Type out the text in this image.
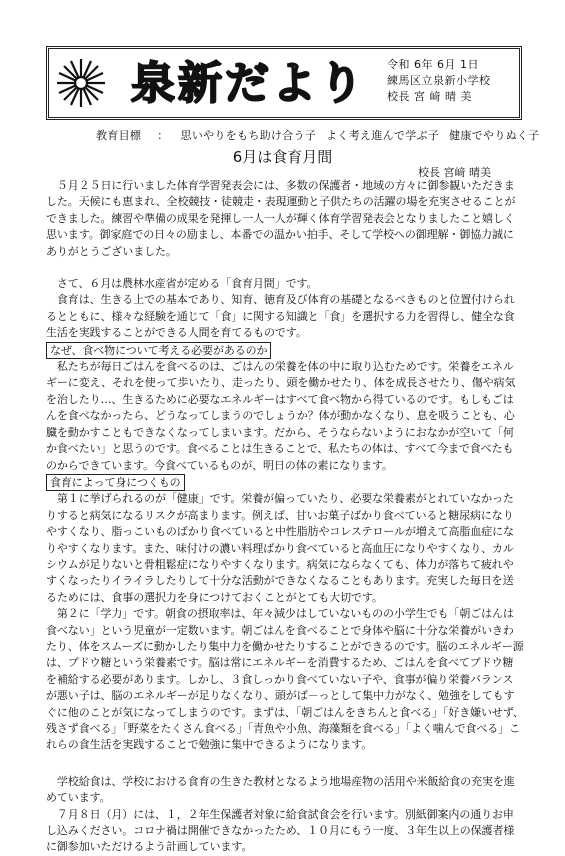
泉新だより 令和 6年 6月 1日
練馬区立泉新小学校
校長 宮 﨑 晴 美
教育目標 ： 思いやりをもち助け合う子 よく考え進んで学ぶ子 健康でやりぬく子
6月は食育月間
校長 宮﨑 晴美

　５月２５日に行いました体育学習発表会には、多数の保護者・地域の方々に御参観いただきました。天候にも恵まれ、全校競技・徒競走・表現運動と子供たちの活躍の場を充実させることができました。練習や準備の成果を発揮し一人一人が輝く体育学習発表会となりましたこと嬉しく思います。御家庭での日々の励まし、本番での温かい拍手、そして学校への御理解・御協力誠にありがとうございました。

　さて、６月は農林水産省が定める「食育月間」です。

　食育は、生きる上での基本であり、知育、徳育及び体育の基礎となるべきものと位置付けられるとともに、様々な経験を通じて「食」に関する知識と「食」を選択する力を習得し、健全な食生活を実践することができる人間を育てるものです。

なぜ、食べ物について考える必要があるのか

　私たちが毎日ごはんを食べるのは、ごはんの栄養を体の中に取り込むためです。栄養をエネルギーに変え、それを使って歩いたり、走ったり、頭を働かせたり、体を成長させたり、傷や病気を治したり…、生きるために必要なエネルギーはすべて食べ物から得ているのです。もしもごはんを食べなかったら、どうなってしまうのでしょうか？体が動かなくなり、息を吸うことも、心臓を動かすこともできなくなってしまいます。だから、そうならないようにおなかが空いて「何か食べたい」と思うのです。食べることは生きることで、私たちの体は、すべて今まで食べたものからできています。今食べているものが、明日の体の素になります。

食育によって身につくもの

　第１に挙げられるのが「健康」です。栄養が偏っていたり、必要な栄養素がとれていなかったりすると病気になるリスクが高まります。例えば、甘いお菓子ばかり食べていると糖尿病になりやすくなり、脂っこいものばかり食べていると中性脂肪やコレステロールが増えて高脂血症になりやすくなります。また、味付けの濃い料理ばかり食べていると高血圧になりやすくなり、カルシウムが足りないと骨粗鬆症になりやすくなります。病気にならなくても、体力が落ちて疲れやすくなったりイライラしたりして十分な活動ができなくなることもあります。充実した毎日を送るためには、食事の選択力を身につけておくことがとても大切です。

　第２に「学力」です。朝食の摂取率は、年々減少はしていないものの小学生でも「朝ごはんは食べない」という児童が一定数います。朝ごはんを食べることで身体や脳に十分な栄養がいきわたり、体をスムーズに動かしたり集中力を働かせたりすることができるのです。脳のエネルギー源は、ブドウ糖という栄養素です。脳は常にエネルギーを消費するため、ごはんを食べてブドウ糖を補給する必要があります。しかし、３食しっかり食べていない子や、食事が偏り栄養バランスが悪い子は、脳のエネルギーが足りなくなり、頭がば－っとして集中力がなく、勉強をしてもすぐに他のことが気になってしまうのです。まずは、「朝ごはんをきちんと食べる」「好き嫌いせず、残さず食べる」「野菜をたくさん食べる」「青魚や小魚、海藻類を食べる」「よく噛んで食べる」これらの食生活を実践することで勉強に集中できるようになります。

　学校給食は、学校における食育の生きた教材となるよう地場産物の活用や米飯給食の充実を進めています。

　７月８日（月）には、１，２年生保護者対象に給食試食会を行います。別紙御案内の通りお申し込みください。コロナ禍は開催できなかったため、１０月にもう一度、３年生以上の保護者様に御参加いただけるよう計画しています。
